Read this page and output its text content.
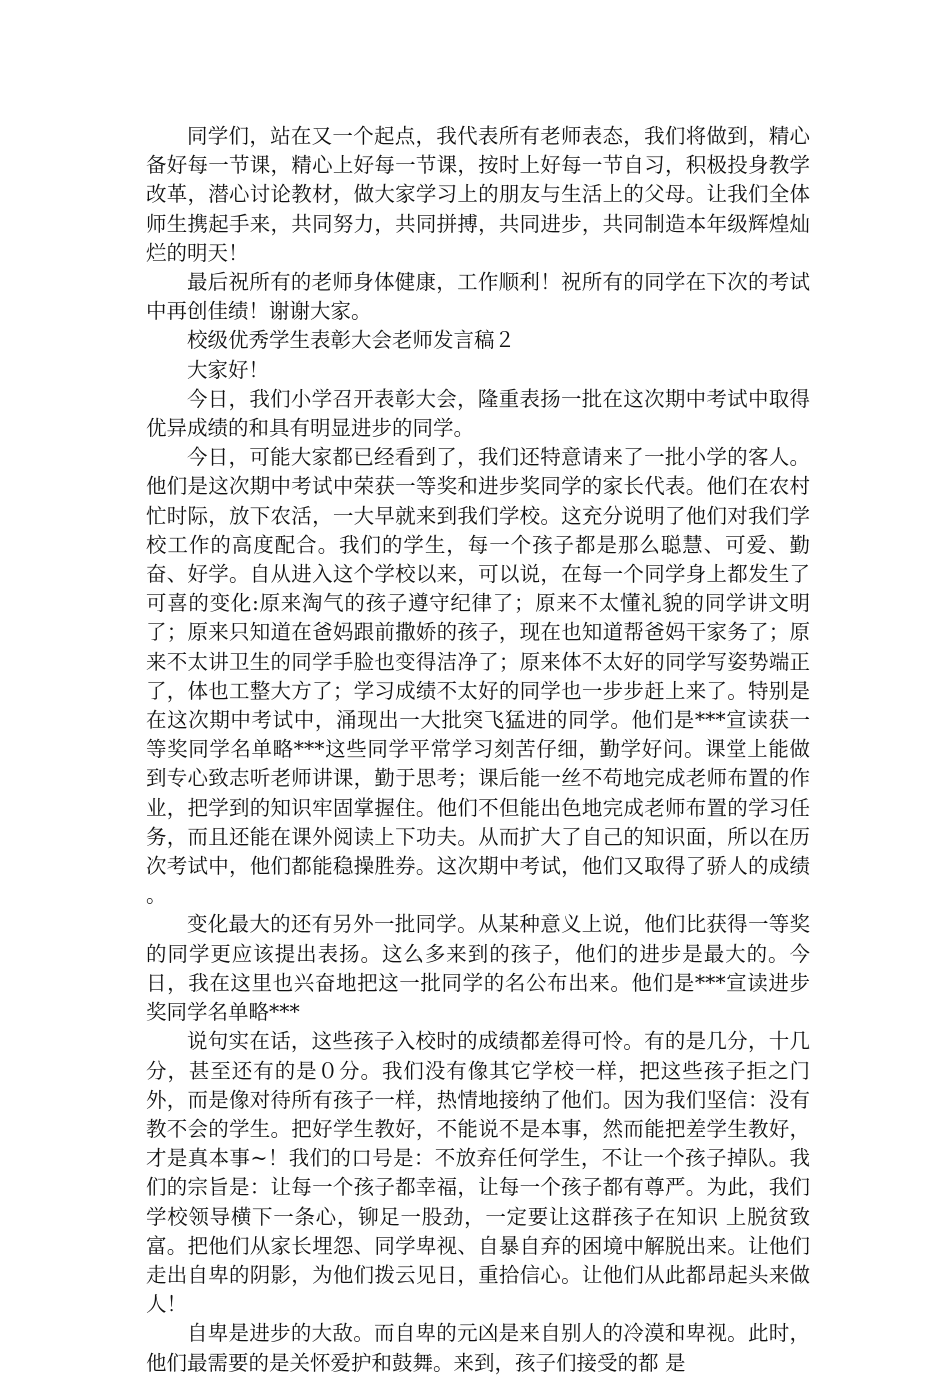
同学们，站在又一个起点，我代表所有老师表态，我们将做到，精心备好每一节课，精心上好每一节课，按时上好每一节自习，积极投身教学改革，潜心讨论教材，做大家学习上的朋友与生活上的父母。让我们全体师生携起手来，共同努力，共同拼搏，共同进步，共同制造本年级辉煌灿烂的明天！

最后祝所有的老师身体健康，工作顺利！祝所有的同学在下次的考试中再创佳绩！谢谢大家。

校级优秀学生表彰大会老师发言稿２

大家好！

今日，我们小学召开表彰大会，隆重表扬一批在这次期中考试中取得优异成绩的和具有明显进步的同学。

今日，可能大家都已经看到了，我们还特意请来了一批小学的客人。他们是这次期中考试中荣获一等奖和进步奖同学的家长代表。他们在农村忙时际，放下农活，一大早就来到我们学校。这充分说明了他们对我们学校工作的高度配合。我们的学生，每一个孩子都是那么聪慧、可爱、勤奋、好学。自从进入这个学校以来，可以说，在每一个同学身上都发生了可喜的变化:原来淘气的孩子遵守纪律了；原来不太懂礼貌的同学讲文明了；原来只知道在爸妈跟前撒娇的孩子，现在也知道帮爸妈干家务了；原来不太讲卫生的同学手脸也变得洁净了；原来体不太好的同学写姿势端正了，体也工整大方了；学习成绩不太好的同学也一步步赶上来了。特别是在这次期中考试中，涌现出一大批突飞猛进的同学。他们是***宣读获一等奖同学名单略***这些同学平常学习刻苦仔细，勤学好问。课堂上能做到专心致志听老师讲课，勤于思考；课后能一丝不苟地完成老师布置的作业，把学到的知识牢固掌握住。他们不但能出色地完成老师布置的学习任务，而且还能在课外阅读上下功夫。从而扩大了自己的知识面，所以在历次考试中，他们都能稳操胜券。这次期中考试，他们又取得了骄人的成绩 。

变化最大的还有另外一批同学。从某种意义上说，他们比获得一等奖的同学更应该提出表扬。这么多来到的孩子，他们的进步是最大的。今日，我在这里也兴奋地把这一批同学的名公布出来。他们是***宣读进步奖同学名单略***

说句实在话，这些孩子入校时的成绩都差得可怜。有的是几分，十几分，甚至还有的是０分。我们没有像其它学校一样，把这些孩子拒之门外，而是像对待所有孩子一样，热情地接纳了他们。因为我们坚信：没有教不会的学生。把好学生教好，不能说不是本事，然而能把差学生教好，才是真本事~！我们的口号是：不放弃任何学生，不让一个孩子掉队。我们的宗旨是：让每一个孩子都幸福，让每一个孩子都有尊严。为此，我们学校领导横下一条心，铆足一股劲，一定要让这群孩子在知识 上脱贫致富。把他们从家长埋怨、同学卑视、自暴自弃的困境中解脱出来。让他们走出自卑的阴影，为他们拨云见日，重拾信心。让他们从此都昂起头来做人！

自卑是进步的大敌。而自卑的元凶是来自别人的冷漠和卑视。此时，他们最需要的是关怀爱护和鼓舞。来到，孩子们接受的都 是
